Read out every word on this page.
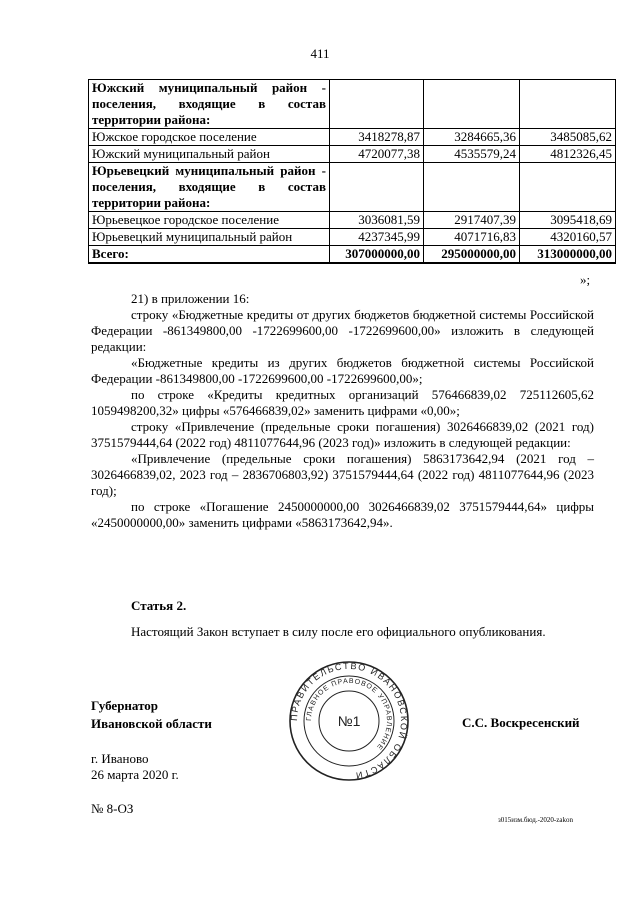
411
Южский муниципальный район - поселения, входящие в состав территории района:			
Южское городское поселение	3418278,87	3284665,36	3485085,62
Южский муниципальный район	4720077,38	4535579,24	4812326,45
Юрьевецкий муниципальный район - поселения, входящие в состав территории района:			
Юрьевецкое городское поселение	3036081,59	2917407,39	3095418,69
Юрьевецкий муниципальный район	4237345,99	4071716,83	4320160,57
Всего:	307000000,00	295000000,00	313000000,00
»;

21) в приложении 16:

строку «Бюджетные кредиты от других бюджетов бюджетной системы Российской Федерации -861349800,00 -1722699600,00 -1722699600,00» изложить в следующей редакции:

«Бюджетные кредиты из других бюджетов бюджетной системы Российской Федерации -861349800,00 -1722699600,00 -1722699600,00»;

по строке «Кредиты кредитных организаций 576466839,02 725112605,62 1059498200,32» цифры «576466839,02» заменить цифрами «0,00»;

строку «Привлечение (предельные сроки погашения) 3026466839,02 (2021 год) 3751579444,64 (2022 год) 4811077644,96 (2023 год)» изложить в следующей редакции:

«Привлечение (предельные сроки погашения) 5863173642,94 (2021 год – 3026466839,02, 2023 год – 2836706803,92) 3751579444,64 (2022 год) 4811077644,96 (2023 год);

по строке «Погашение 2450000000,00 3026466839,02 3751579444,64» цифры «2450000000,00» заменить цифрами «5863173642,94».

Статья 2.
Настоящий Закон вступает в силу после его официального опубликования.
Губернатор
Ивановской области	ПРАВИТЕЛЬСТВО ИВАНОВСКОЙ ОБЛАСТИ
ГЛАВНОЕ ПРАВОВОЕ УПРАВЛЕНИЕ
№1	С.С. Воскресенский
г. Иваново
26 марта 2020 г.
№ 8-ОЗ
з015изм.бюд.-2020-zakon
